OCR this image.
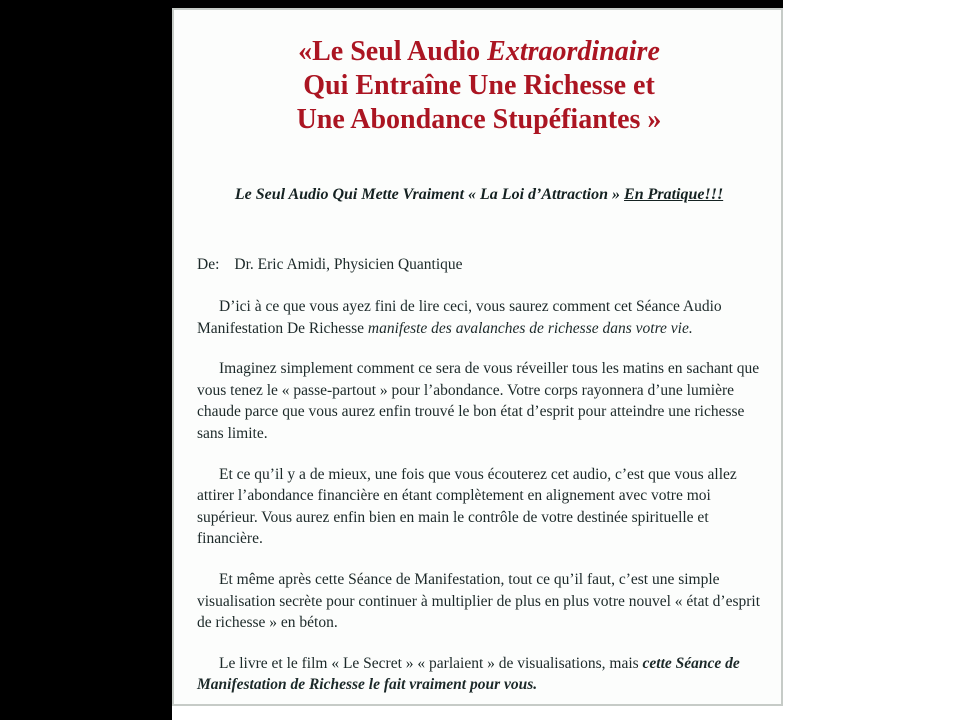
«Le Seul Audio Extraordinaire
Qui Entraîne Une Richesse et
Une Abondance Stupéfiantes »
Le Seul Audio Qui Mette Vraiment « La Loi d’Attraction » En Pratique!!!
De: Dr. Eric Amidi, Physicien Quantique

D’ici à ce que vous ayez fini de lire ceci, vous saurez comment cet Séance Audio Manifestation De Richesse manifeste des avalanches de richesse dans votre vie.

Imaginez simplement comment ce sera de vous réveiller tous les matins en sachant que vous tenez le « passe-partout » pour l’abondance. Votre corps rayonnera d’une lumière chaude parce que vous aurez enfin trouvé le bon état d’esprit pour atteindre une richesse sans limite.

Et ce qu’il y a de mieux, une fois que vous écouterez cet audio, c’est que vous allez attirer l’abondance financière en étant complètement en alignement avec votre moi supérieur. Vous aurez enfin bien en main le contrôle de votre destinée spirituelle et financière.

Et même après cette Séance de Manifestation, tout ce qu’il faut, c’est une simple visualisation secrète pour continuer à multiplier de plus en plus votre nouvel « état d’esprit de richesse » en béton.

Le livre et le film « Le Secret » « parlaient » de visualisations, mais cette Séance de Manifestation de Richesse le fait vraiment pour vous.
